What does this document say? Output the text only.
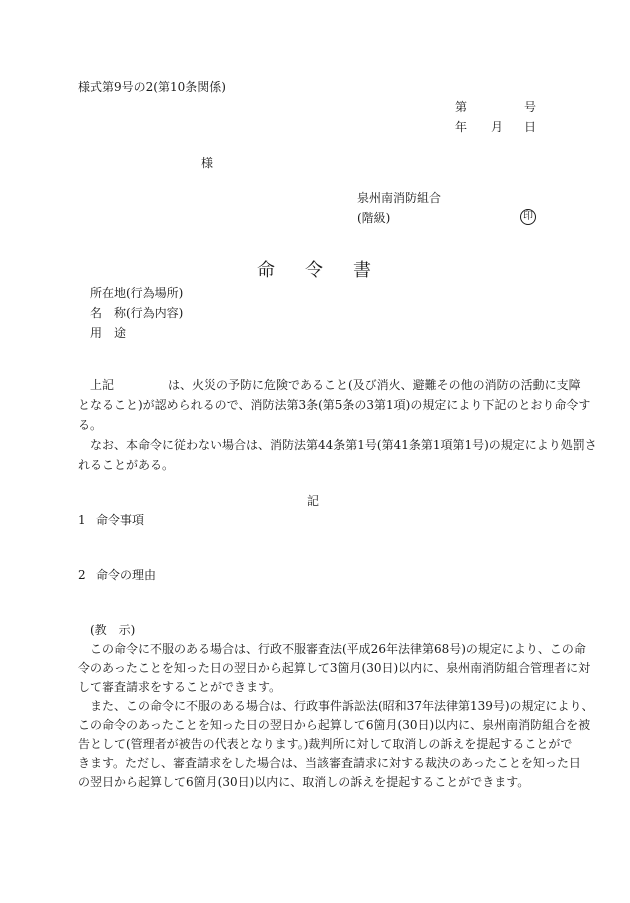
様式第9号の2(第10条関係)
第	号
年 月 日
様
泉州南消防組合
(階級)	印
命 令 書
所在地(行為場所)
名 称(行為内容)
用 途
上記	は、火災の予防に危険であること(及び消火、避難その他の消防の活動に支障
となること)が認められるので、消防法第3条(第5条の3第1項)の規定により下記のとおり命令す
る。
なお、本命令に従わない場合は、消防法第44条第1号(第41条第1項第1号)の規定により処罰さ
れることがある。
記
1 命令事項
2 命令の理由
(教　示)
この命令に不服のある場合は、行政不服審査法(平成26年法律第68号)の規定により、この命
令のあったことを知った日の翌日から起算して3箇月(30日)以内に、泉州南消防組合管理者に対
して審査請求をすることができます。
また、この命令に不服のある場合は、行政事件訴訟法(昭和37年法律第139号)の規定により、
この命令のあったことを知った日の翌日から起算して6箇月(30日)以内に、泉州南消防組合を被
告として(管理者が被告の代表となります。)裁判所に対して取消しの訴えを提起することがで
きます。ただし、審査請求をした場合は、当該審査請求に対する裁決のあったことを知った日
の翌日から起算して6箇月(30日)以内に、取消しの訴えを提起することができます。
